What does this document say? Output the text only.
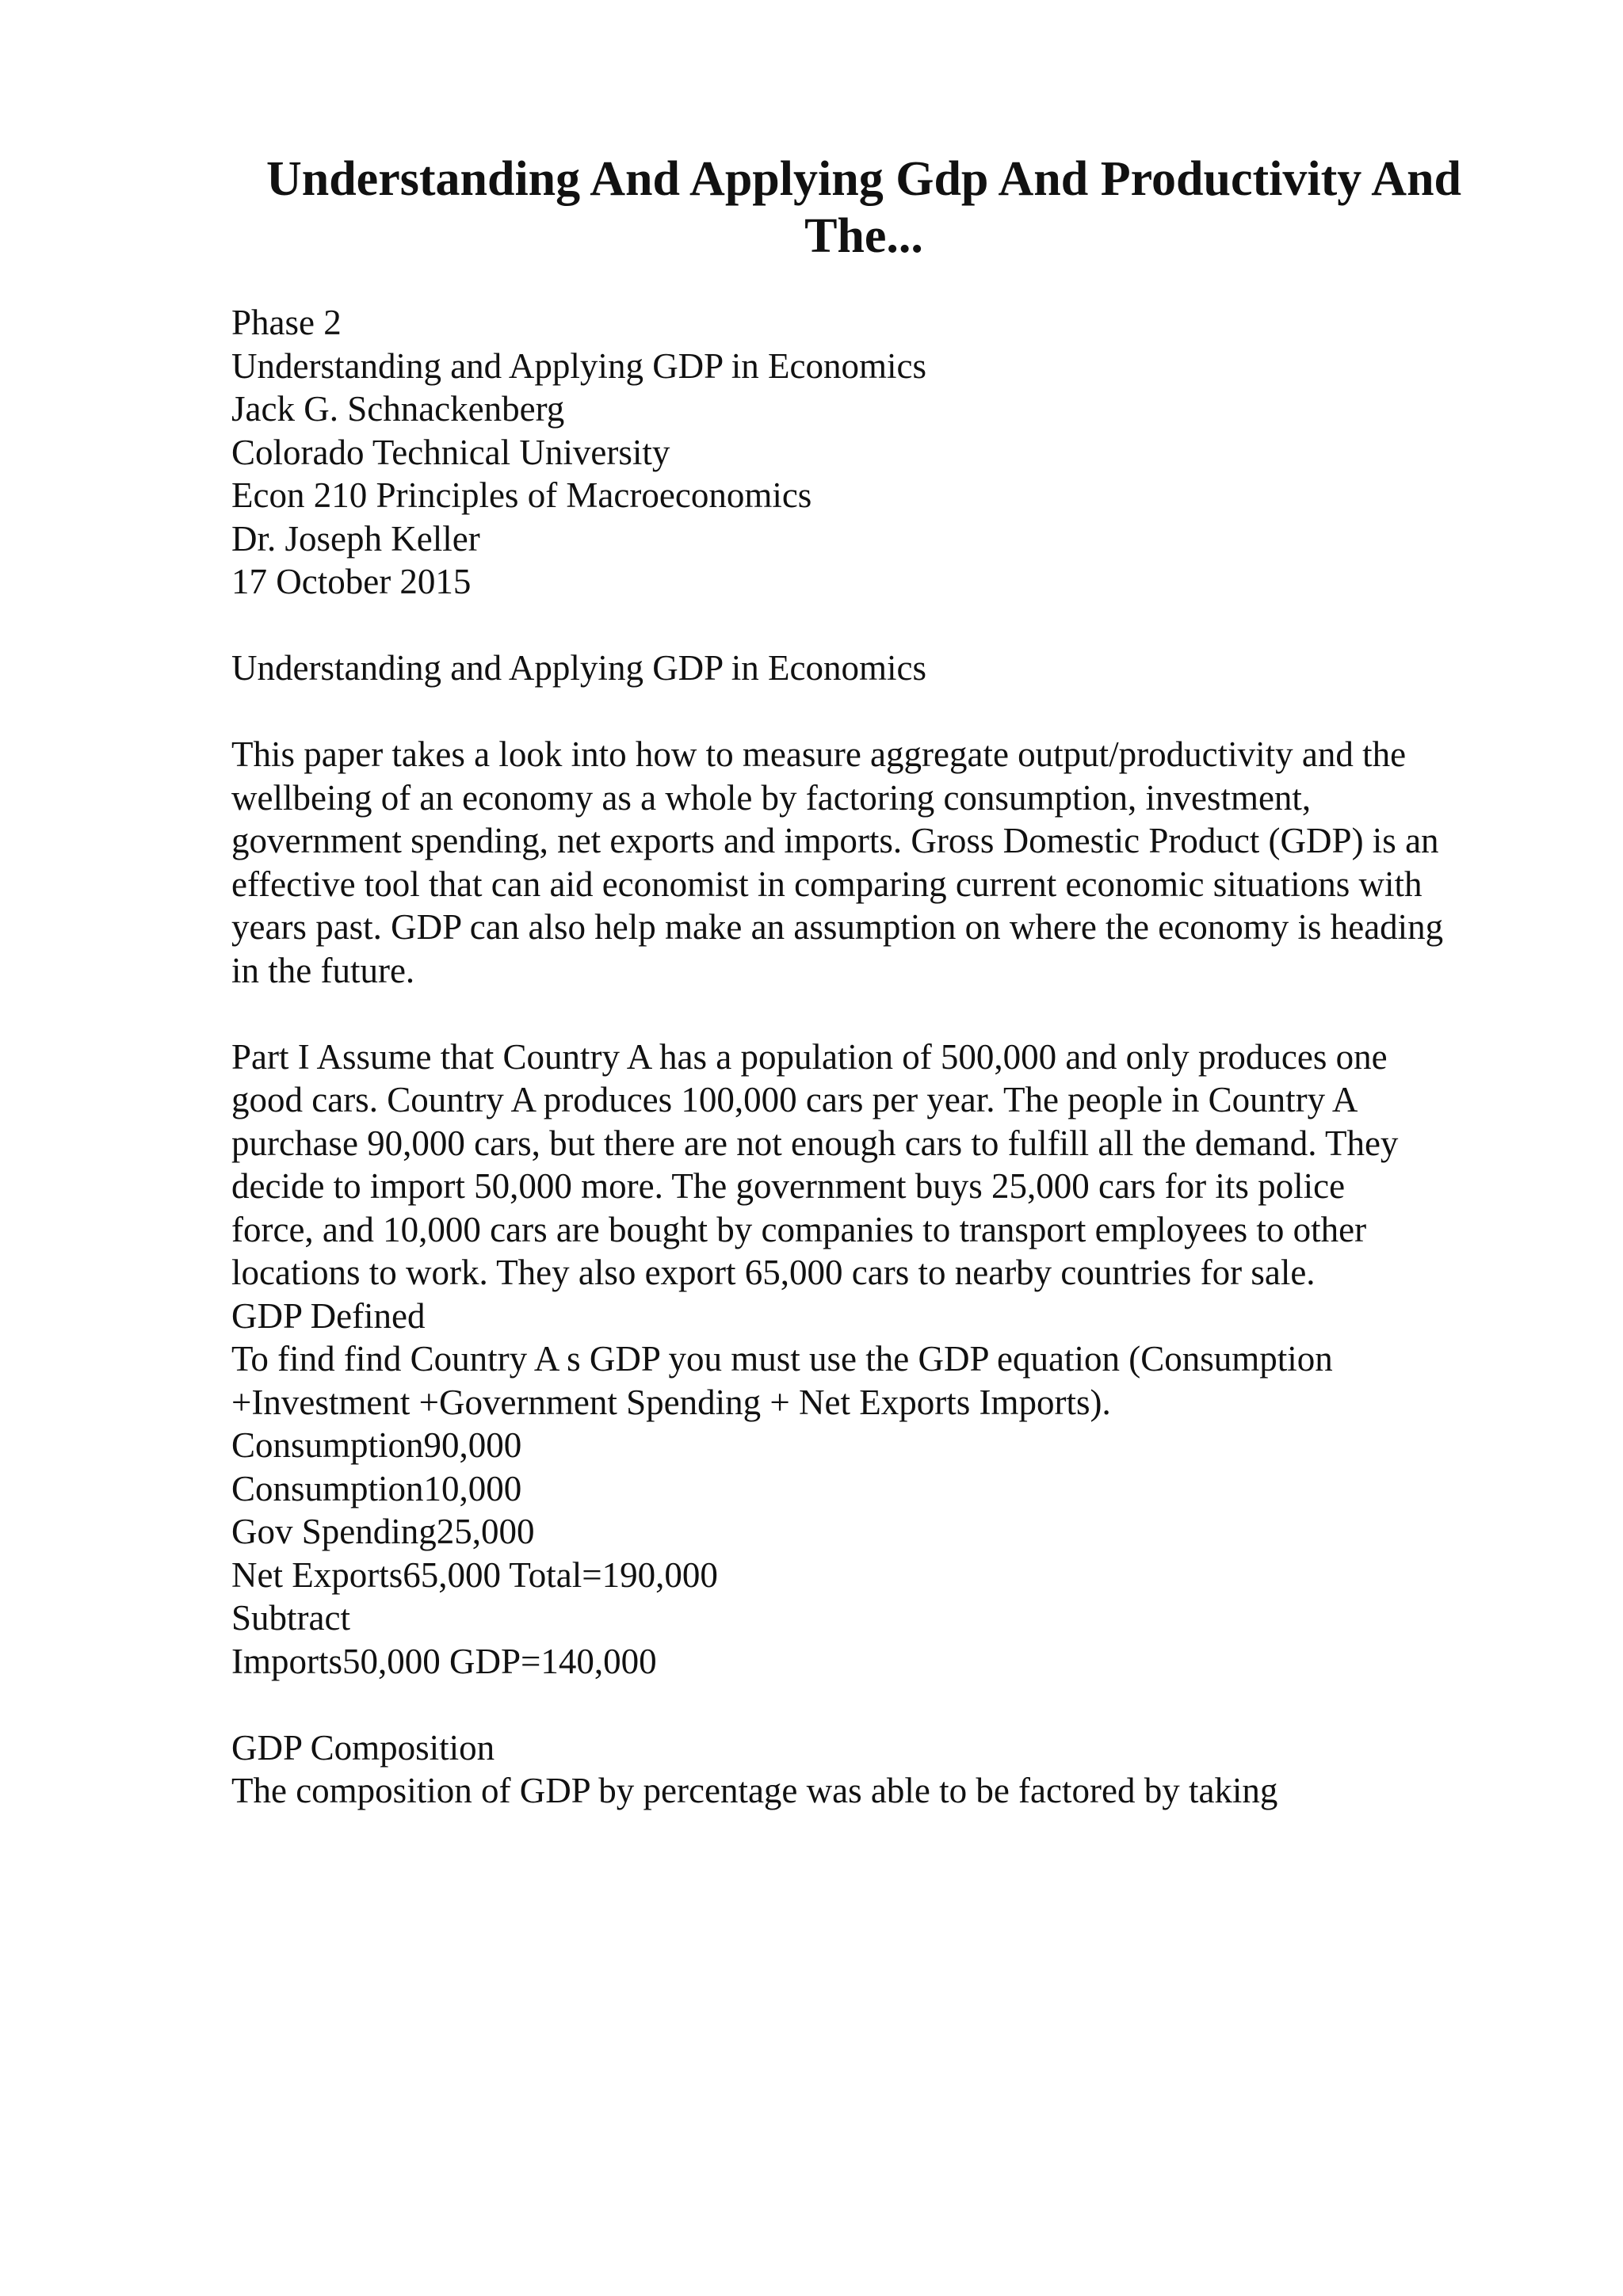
Understanding And Applying Gdp And Productivity And
The...
Phase 2
Understanding and Applying GDP in Economics
Jack G. Schnackenberg
Colorado Technical University
Econ 210 Principles of Macroeconomics
Dr. Joseph Keller
17 October 2015
Understanding and Applying GDP in Economics
This paper takes a look into how to measure aggregate output/productivity and the
wellbeing of an economy as a whole by factoring consumption, investment,
government spending, net exports and imports. Gross Domestic Product (GDP) is an
effective tool that can aid economist in comparing current economic situations with
years past. GDP can also help make an assumption on where the economy is heading
in the future.
Part I Assume that Country A has a population of 500,000 and only produces one
good cars. Country A produces 100,000 cars per year. The people in Country A
purchase 90,000 cars, but there are not enough cars to fulfill all the demand. They
decide to import 50,000 more. The government buys 25,000 cars for its police
force, and 10,000 cars are bought by companies to transport employees to other
locations to work. They also export 65,000 cars to nearby countries for sale.
GDP Defined
To find find Country A s GDP you must use the GDP equation (Consumption
+Investment +Government Spending + Net Exports Imports).
Consumption90,000
Consumption10,000
Gov Spending25,000
Net Exports65,000 Total=190,000
Subtract
Imports50,000 GDP=140,000
GDP Composition
The composition of GDP by percentage was able to be factored by taking
